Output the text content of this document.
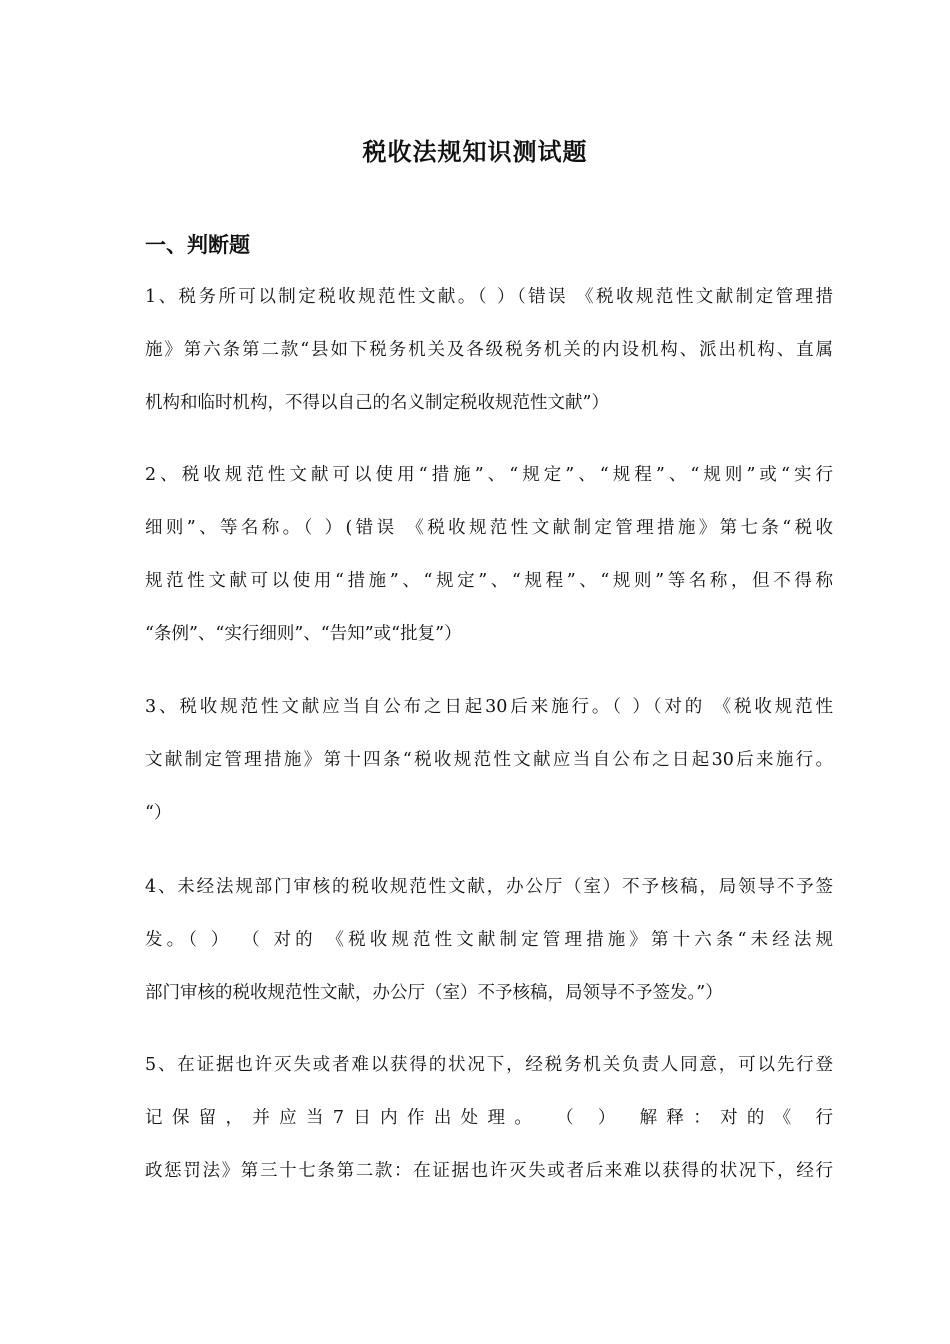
税收法规知识测试题
一、判断题
1、税务所可以制定税收规范性文献。（ ）（错误 《税收规范性文献制定管理措
施》第六条第二款“县如下税务机关及各级税务机关的内设机构、派出机构、直属
机构和临时机构，不得以自己的名义制定税收规范性文献”）
2、税收规范性文献可以使用“措施”、“规定”、“规程”、“规则”或“实行
细则”、等名称。（ ）(错误 《税收规范性文献制定管理措施》第七条“税收
规范性文献可以使用“措施”、“规定”、“规程”、“规则”等名称，但不得称
“条例”、“实行细则”、“告知”或“批复”）
3、税收规范性文献应当自公布之日起30后来施行。（ ）（对的 《税收规范性
文献制定管理措施》第十四条“税收规范性文献应当自公布之日起30后来施行。
“）
4、未经法规部门审核的税收规范性文献，办公厅（室）不予核稿，局领导不予签
发。（ ） （ 对的 《税收规范性文献制定管理措施》第十六条“未经法规
部门审核的税收规范性文献，办公厅（室）不予核稿，局领导不予签发。”）
5、在证据也许灭失或者难以获得的状况下，经税务机关负责人同意，可以先行登
记保留，并应当7日内作出处理。 （ ） 解释：对的《 行
政惩罚法》第三十七条第二款：在证据也许灭失或者后来难以获得的状况下，经行
